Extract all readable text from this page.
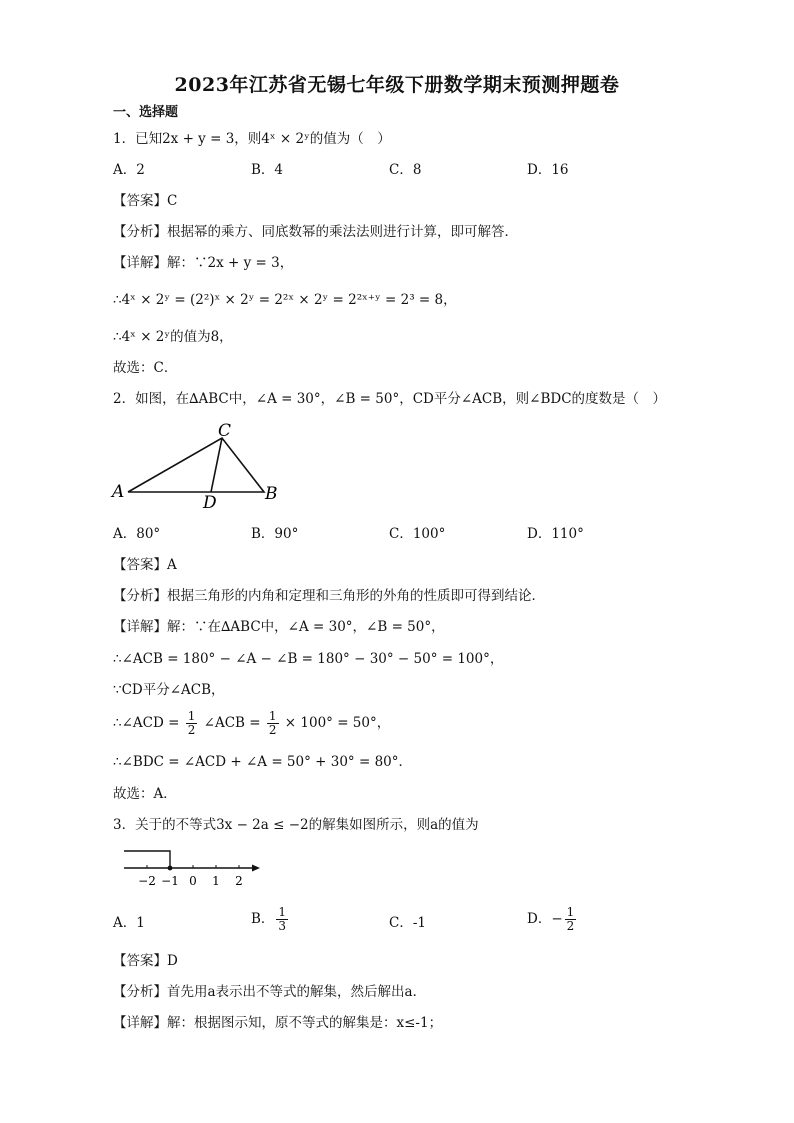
2023年江苏省无锡七年级下册数学期末预测押题卷
一、选择题
1．已知2x + y = 3，则4ˣ × 2ʸ的值为（　）
A．2	B．4	C．8	D．16
【答案】C
【分析】根据幂的乘方、同底数幂的乘法法则进行计算，即可解答．
【详解】解：∵2x + y = 3，
∴4ˣ × 2ʸ = (2²)ˣ × 2ʸ = 2²ˣ × 2ʸ = 2²ˣ⁺ʸ = 2³ = 8，
∴4ˣ × 2ʸ的值为8，
故选：C．
2．如图，在∆ABC中，∠A = 30°，∠B = 50°，CD平分∠ACB，则∠BDC的度数是（　）
A
C
B
D
A．80°	B．90°	C．100°	D．110°
【答案】A
【分析】根据三角形的内角和定理和三角形的外角的性质即可得到结论．
【详解】解：∵在∆ABC中，∠A = 30°，∠B = 50°，
∴∠ACB = 180° − ∠A − ∠B = 180° − 30° − 50° = 100°，
∵CD平分∠ACB，
∴∠ACD = $\frac{1}{2}$ ∠ACB = $\frac{1}{2} \times 100^\circ = 50^\circ$，
∴∠BDC = ∠ACD + ∠A = 50° + 30° = 80°．
故选：A．
3．关于的不等式3x − 2a ≤ −2的解集如图所示，则a的值为
−2 −1 0 1 2
A．1	B． $\frac{1}{3}$	C．-1	D．− $\frac{1}{2}$
【答案】D
【分析】首先用a表示出不等式的解集，然后解出a．
【详解】解：根据图示知，原不等式的解集是：x≤-1；
